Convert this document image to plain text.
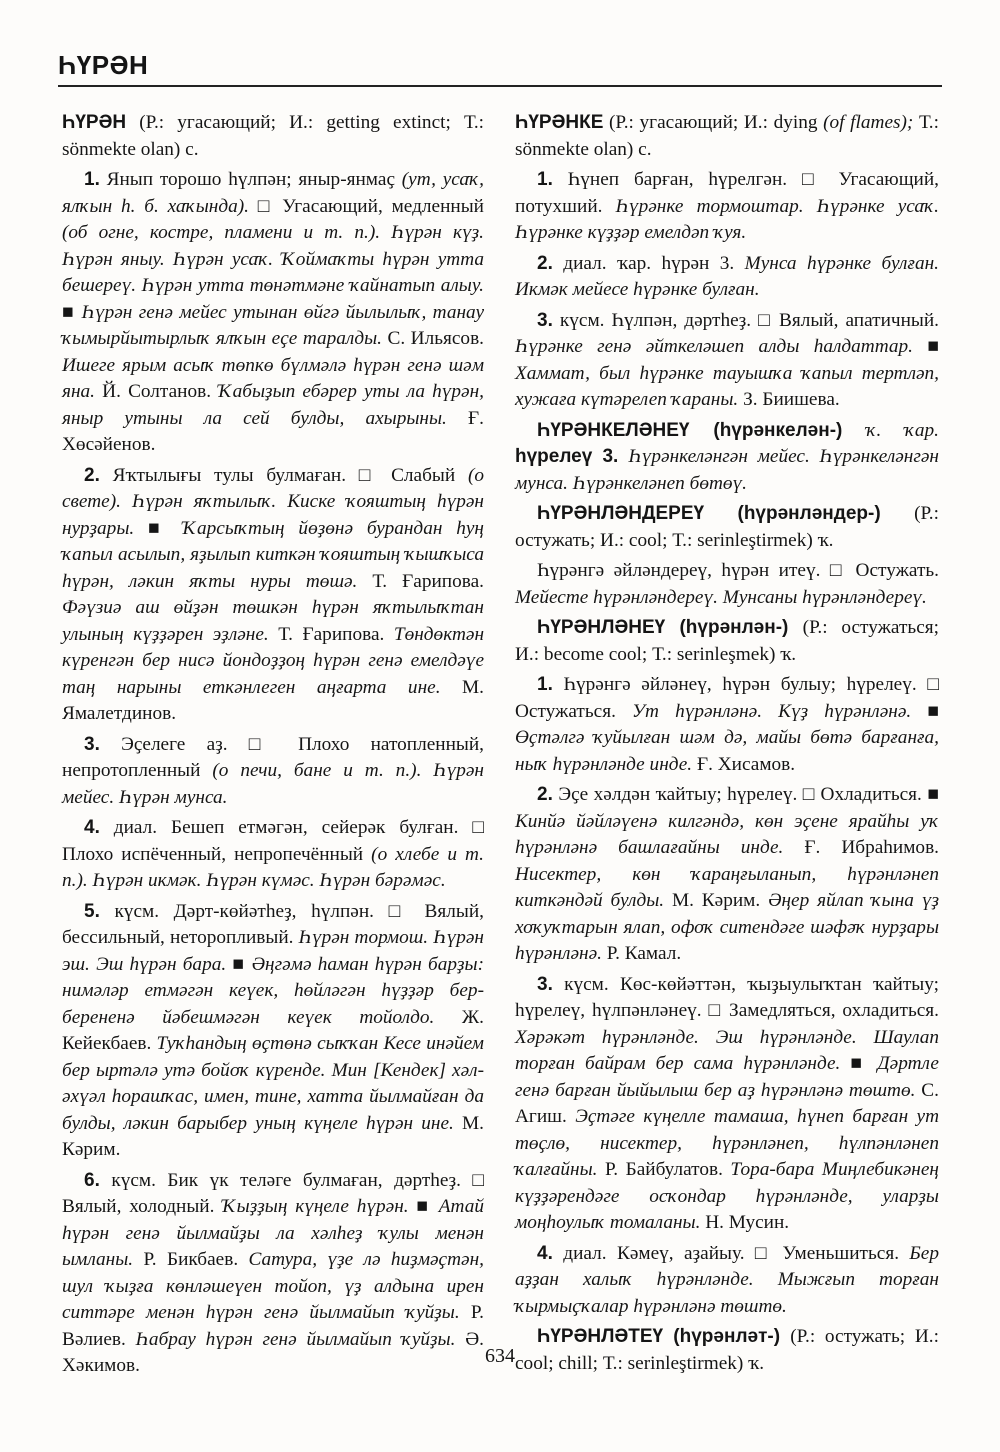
ҺҮРӘН

ҺҮРӘН (Р.: угасающий; И.: getting extinct; Т.: sönmekte olan) с.

1. Янып торошо һүлпән; яныр-янмаҫ (ут, усаҡ, ялҡын һ. б. хаҡында). □ Угасающий, медленный (об огне, костре, пламени и т. п.). Һүрән күҙ. Һүрән яныу. Һүрән усаҡ. Ҡоймаҡты һүрән утта бешереү. Һүрән утта төнәтмәне ҡайнатып алыу. ■ Һүрән генә мейес утынан өйгә йылылыҡ, танау ҡымырйытырлыҡ ялҡын еҫе таралды. С. Ильясов. Ишеге ярым асыҡ төпкө бүлмәлә һүрән генә шәм яна. Й. Солтанов. Ҡабыҙып ебәрер уты ла һүрән, яныр утыны ла сей булды, ахырыны. Ғ. Хөсәйенов.

2. Яҡтылығы тулы булмаған. □ Слабый (о свете). Һүрән яҡтылыҡ. Киске ҡояштың һүрән нурҙары. ■ Ҡарсыҡтың йөҙөнә бурандан һуң ҡапыл асылып, яҙылып киткән ҡояштың ҡышҡыса һүрән, ләкин яҡты нуры төшә. Т. Ғарипова. Фәүзиә аш өйҙән төшкән һүрән яҡтылыҡтан улының күҙҙәрен эҙләне. Т. Ғарипова. Төндөктән күренгән бер нисә йондоҙҙоң һүрән генә емелдәүе таң нарыны еткәнлеген аңғарта ине. М. Ямалетдинов.

3. Эҫелеге аҙ. □ Плохо натопленный, непротопленный (о печи, бане и т. п.). Һүрән мейес. Һүрән мунса.

4. диал. Бешеп етмәгән, сейерәк булған. □ Плохо испёченный, непропечённый (о хлебе и т. п.). Һүрән икмәк. Һүрән күмәс. Һүрән бәрәмәс.

5. күсм. Дәрт-көйәтһеҙ, һүлпән. □ Вялый, бессильный, неторопливый. Һүрән тормош. Һүрән эш. Эш һүрән бара. ■ Әңгәмә һаман һүрән барҙы: нимәләр етмәгән кеүек, һөйләгән һүҙҙәр бер-берененә йәбешмәгән кеүек тойолдо. Ж. Кейекбаев. Туҡһандың өҫтөнә сыҡҡан Кесе инәйем бер ыртәлә утә бойоҡ күренде. Мин [Кендек] хәл-әхүәл һорашҡас, имен, тине, хатта йылмайған да булды, ләкин барыбер уның күңеле һүрән ине. М. Кәрим.

6. күсм. Бик үк теләге булмаған, дәртһеҙ. □ Вялый, холодный. Ҡыҙҙың күңеле һүрән. ■ Атай һүрән генә йылмайҙы ла хәлһеҙ ҡулы менән ымланы. Р. Бикбаев. Сатура, үҙе лә һиҙмәҫтән, шул ҡыҙға көнләшеүен тойоп, үҙ алдына ирен ситтәре менән һүрән генә йылмайып ҡуйҙы. Р. Вәлиев. Һабрау һүрән генә йылмайып ҡуйҙы. Ә. Хәкимов.

ҺҮРӘНКЕ (Р.: угасающий; И.: dying (of flames); Т.: sönmekte olan) с.

1. Һүнеп барған, һүрелгән. □ Угасающий, потухший. Һүрәнке тормоштар. Һүрәнке усаҡ. Һүрәнке күҙҙәр емелдәп ҡуя.

2. диал. ҡар. һүрән 3. Мунса һүрәнке булған. Икмәк мейесе һүрәнке булған.

3. күсм. Һүлпән, дәртһеҙ. □ Вялый, апатичный. Һүрәнке генә әйткеләшеп алды һалдаттар. ■ Хаммат, был һүрәнке тауышҡа ҡапыл тертләп, хужаға күтәрелеп ҡараны. З. Биишева.

ҺҮРӘНКЕЛӘНЕҮ (һүрәнкелән-) ҡ. ҡар. һүрелеү 3. Һүрәнкеләнгән мейес. Һүрәнкеләнгән мунса. Һүрәнкеләнеп бөтөү.

ҺҮРӘНЛӘНДЕРЕҮ (һүрәнләндер-) (Р.: остужать; И.: cool; Т.: serinleştirmek) ҡ.

Һүрәнгә әйләндереү, һүрән итеү. □ Остужать. Мейесте һүрәнләндереү. Мунсаны һүрәнләндереү.

ҺҮРӘНЛӘНЕҮ (һүрәнлән-) (Р.: остужаться; И.: become cool; Т.: serinleşmek) ҡ.

1. Һүрәнгә әйләнеү, һүрән булыу; һүрелеү. □ Остужаться. Ут һүрәнләнә. Күҙ һүрәнләнә. ■ Өҫтәлгә ҡуйылған шәм дә, майы бөтә барғанға, ныҡ һүрәнләнде инде. Ғ. Хисамов.

2. Эҫе хәлдән ҡайтыу; һүрелеү. □ Охладиться. ■ Кинйә йәйләүенә килгәндә, көн эҫене ярайһы уҡ һүрәнләнә башлағайны инде. Ғ. Ибраһимов. Нисектер, көн ҡараңғыланып, һүрәнләнеп киткәндәй булды. М. Кәрим. Әңер яйлап ҡына үҙ хоҡуҡтарын ялап, офоҡ ситендәге шәфәҡ нурҙары һүрәнләнә. Р. Камал.

3. күсм. Көс-көйәттән, ҡыҙыулыҡтан ҡайтыу; һүрелеү, һүлпәнләнеү. □ Замедляться, охладиться. Хәрәкәт һүрәнләнде. Эш һүрәнләнде. Шаулап торған байрам бер сама һүрәнләнде. ■ Дәртле генә барған йыйылыш бер аҙ һүрәнләнә төштө. С. Агиш. Эҫтәге күңелле тамаша, һүнеп барған ут төҫлө, нисектер, һүрәнләнеп, һүлпәнләнеп ҡалғайны. Р. Байбулатов. Тора-бара Миңлебикәнең күҙҙәрендәге осҡондар һүрәнләнде, уларҙы моңһоулыҡ томаланы. Н. Мусин.

4. диал. Кәмеү, аҙайыу. □ Уменьшиться. Бер аҙҙан халыҡ һүрәнләнде. Мыжғып торған ҡырмыҫҡалар һүрәнләнә төштө.

ҺҮРӘНЛӘТЕҮ (һүрәнләт-) (Р.: остужать; И.: cool; chill; Т.: serinleştirmek) ҡ.

634
